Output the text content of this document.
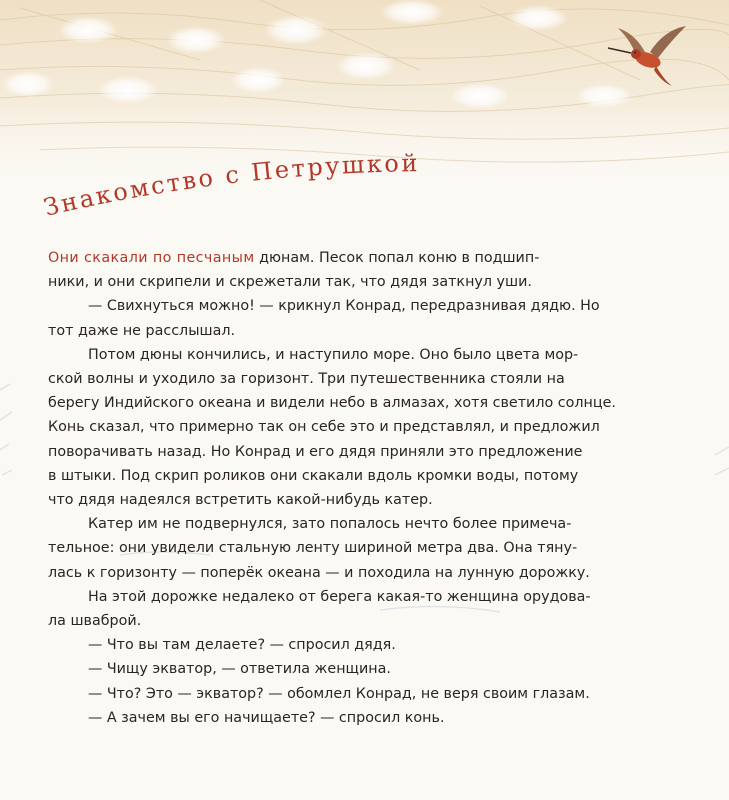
Знакомство с Петрушкой
Они скакали по песчаным дюнам. Песок попал коню в подшип-
ники, и они скрипели и скрежетали так, что дядя заткнул уши.
— Свихнуться можно! — крикнул Конрад, передразнивая дядю. Но
тот даже не расслышал.
Потом дюны кончились, и наступило море. Оно было цвета мор-
ской волны и уходило за горизонт. Три путешественника стояли на
берегу Индийского океана и видели небо в алмазах, хотя светило солнце.
Конь сказал, что примерно так он себе это и представлял, и предложил
поворачивать назад. Но Конрад и его дядя приняли это предложение
в штыки. Под скрип роликов они скакали вдоль кромки воды, потому
что дядя надеялся встретить какой-нибудь катер.
Катер им не подвернулся, зато попалось нечто более примеча-
тельное: они увидели стальную ленту шириной метра два. Она тяну-
лась к горизонту — поперёк океана — и походила на лунную дорожку.
На этой дорожке недалеко от берега какая-то женщина орудова-
ла шваброй.
— Что вы там делаете? — спросил дядя.
— Чищу экватор, — ответила женщина.
— Что? Это — экватор? — обомлел Конрад, не веря своим глазам.
— А зачем вы его начищаете? — спросил конь.
